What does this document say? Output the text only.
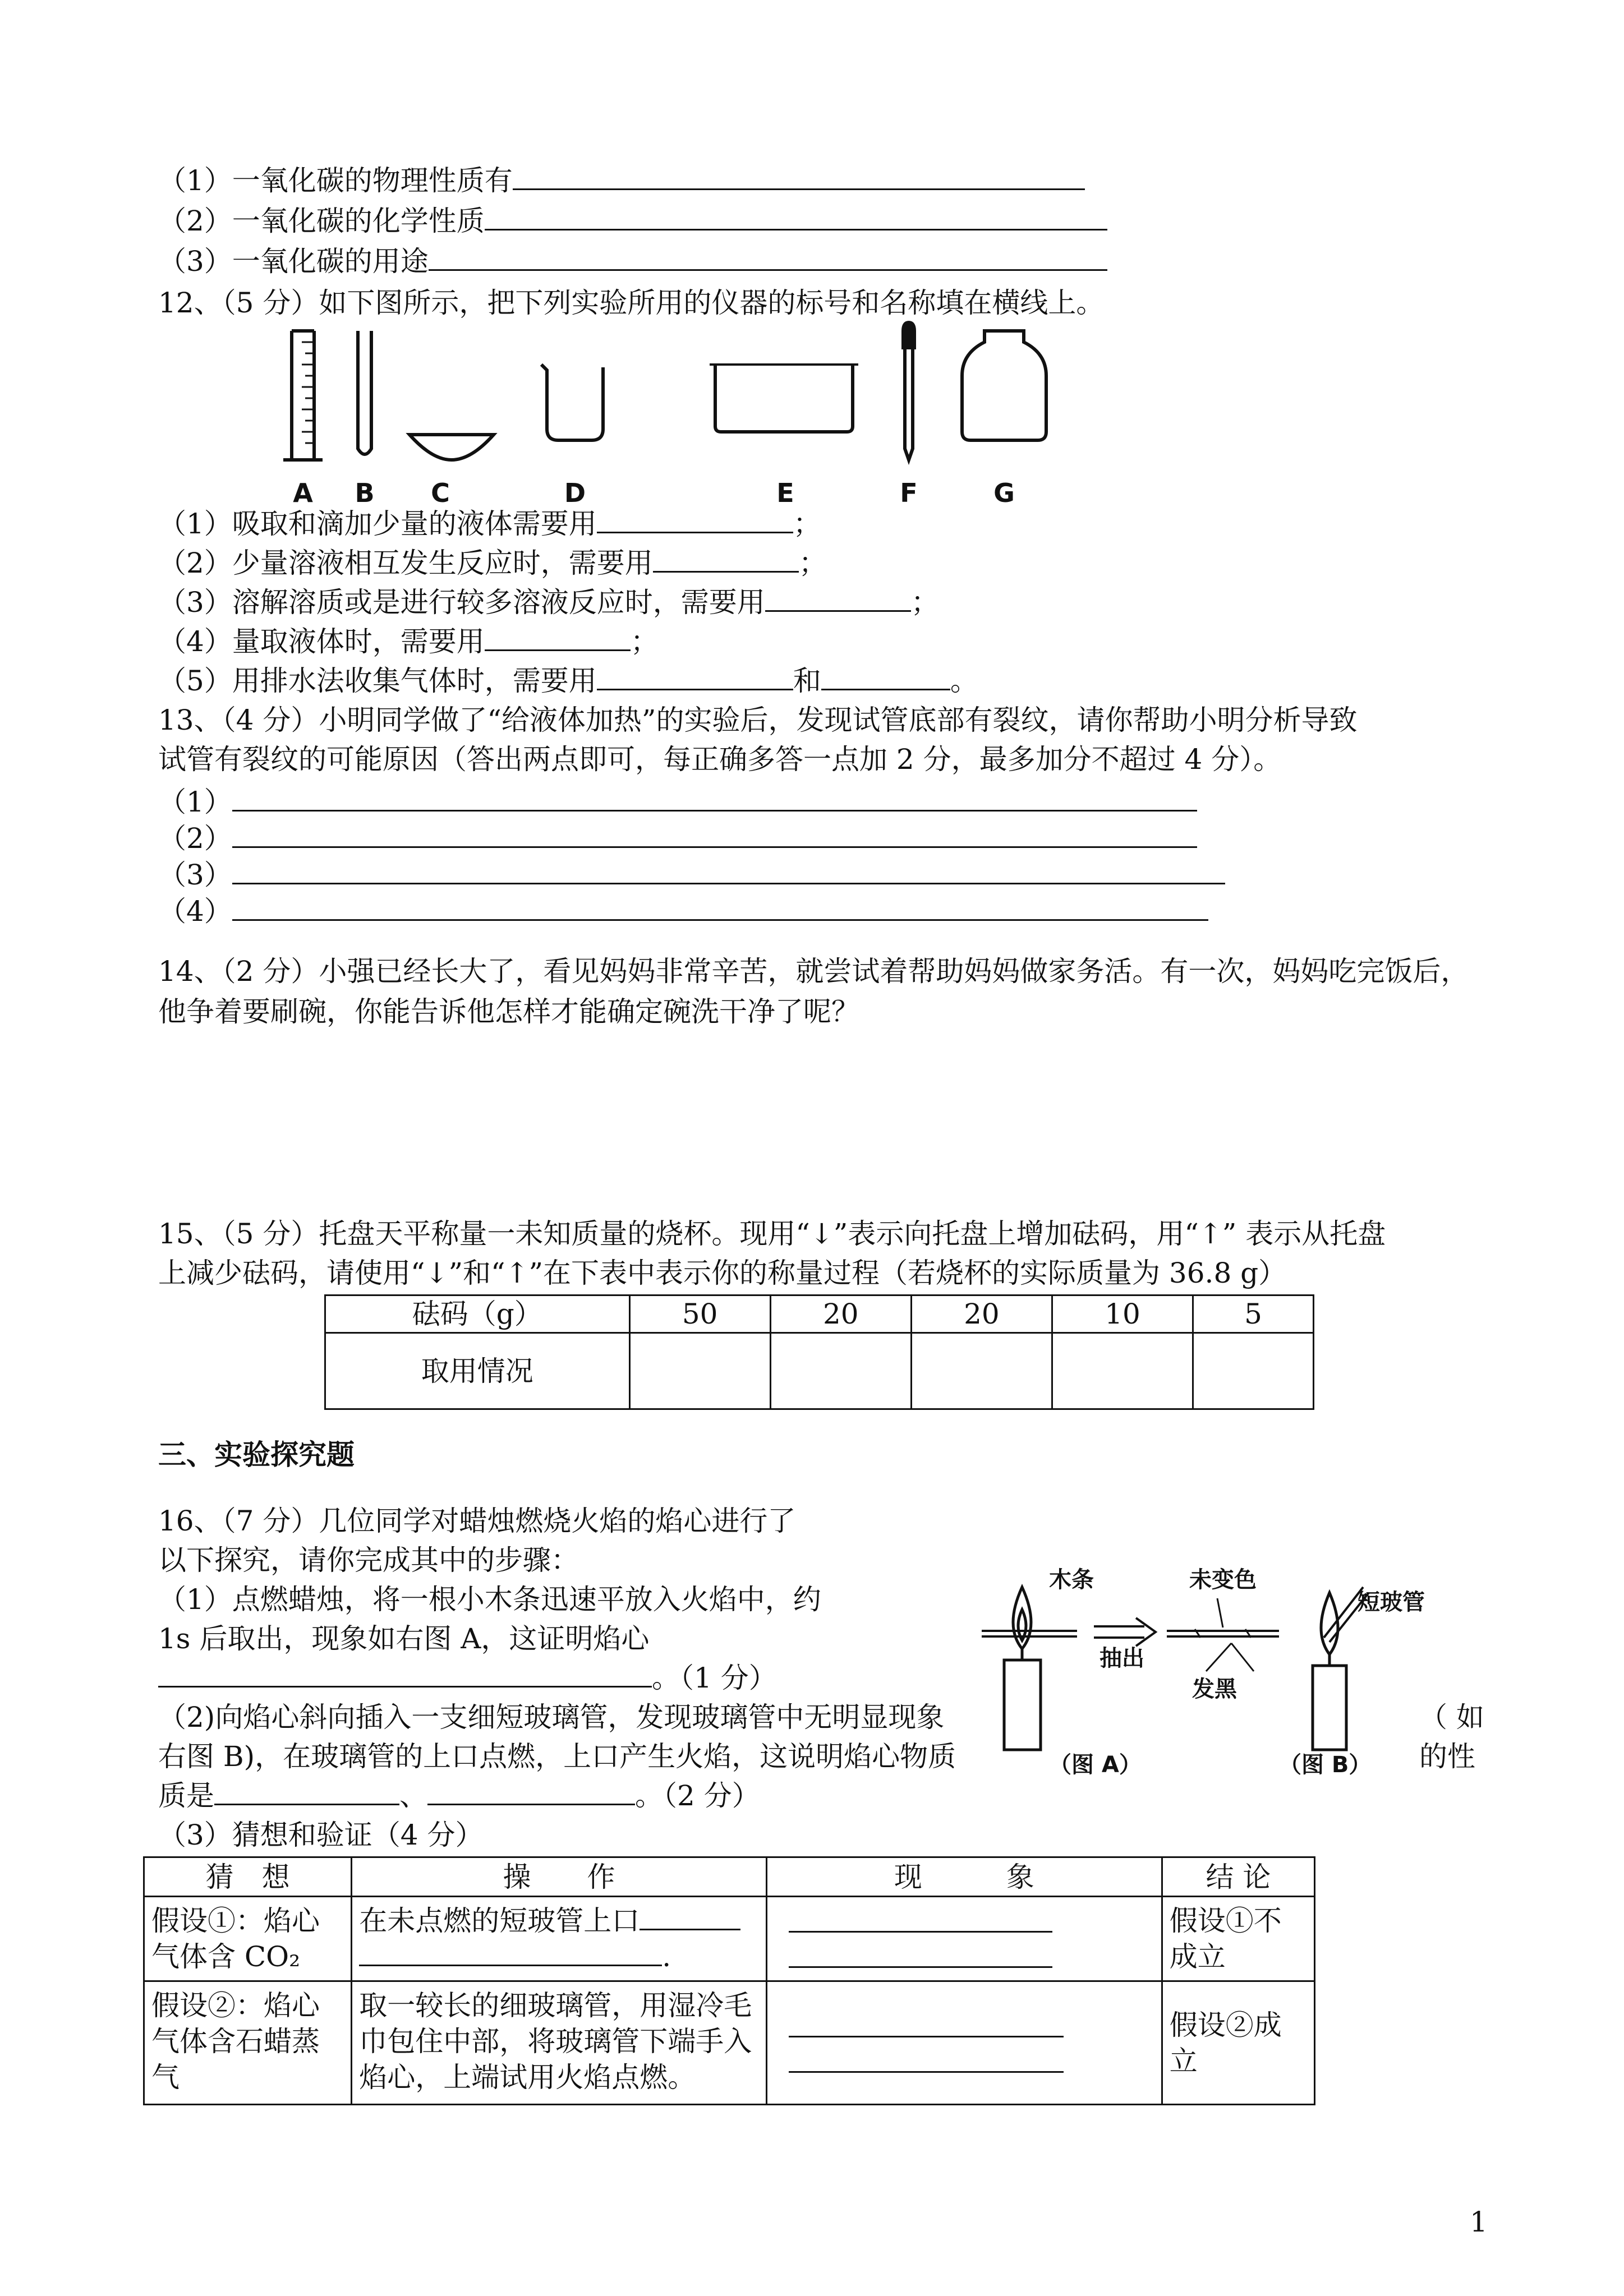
（1）一氧化碳的物理性质有
（2）一氧化碳的化学性质
（3）一氧化碳的用途
12、（5 分）如下图所示，把下列实验所用的仪器的标号和名称填在横线上。
A B C	D	E	F	G
（1）吸取和滴加少量的液体需要用	；
（2）少量溶液相互发生反应时，需要用	；
（3）溶解溶质或是进行较多溶液反应时，需要用	；
（4）量取液体时，需要用	；
（5）用排水法收集气体时，需要用	和	。
13、（4 分）小明同学做了“给液体加热”的实验后，发现试管底部有裂纹，请你帮助小明分析导致
试管有裂纹的可能原因（答出两点即可，每正确多答一点加 2 分，最多加分不超过 4 分）。
（1）
（2）
（3）
（4）
14、（2 分）小强已经长大了，看见妈妈非常辛苦，就尝试着帮助妈妈做家务活。有一次，妈妈吃完饭后，
他争着要刷碗，你能告诉他怎样才能确定碗洗干净了呢？
15、（5 分）托盘天平称量一未知质量的烧杯。现用“↓”表示向托盘上增加砝码，用“↑” 表示从托盘
上减少砝码，请使用“↓”和“↑”在下表中表示你的称量过程（若烧杯的实际质量为 36.8 g）
砝码（g）	50	20	20	10	5
取用情况					
三、实验探究题
16、（7 分）几位同学对蜡烛燃烧火焰的焰心进行了
以下探究，请你完成其中的步骤：
（1）点燃蜡烛，将一根小木条迅速平放入火焰中，约
1s 后取出，现象如右图 A，这证明焰心
。（1 分）
（2)向焰心斜向插入一支细短玻璃管，发现玻璃管中无明显现象	（ 如
右图 B)，在玻璃管的上口点燃，上口产生火焰，这说明焰心物质	的性
质是	、	。（2 分）
（3）猜想和验证（4 分）
木条	未变色
抽出
发黑
短玻管
（图 A）	（图 B）
猜　想	操　　作	现　　　象	结 论
假设①：焰心气体含 CO₂	在未点燃的短玻管上口
.		假设①不成立
假设②：焰心气体含石蜡蒸气	取一较长的细玻璃管，用湿冷毛巾包住中部，将玻璃管下端手入焰心，上端试用火焰点燃。		假设②成立
1
